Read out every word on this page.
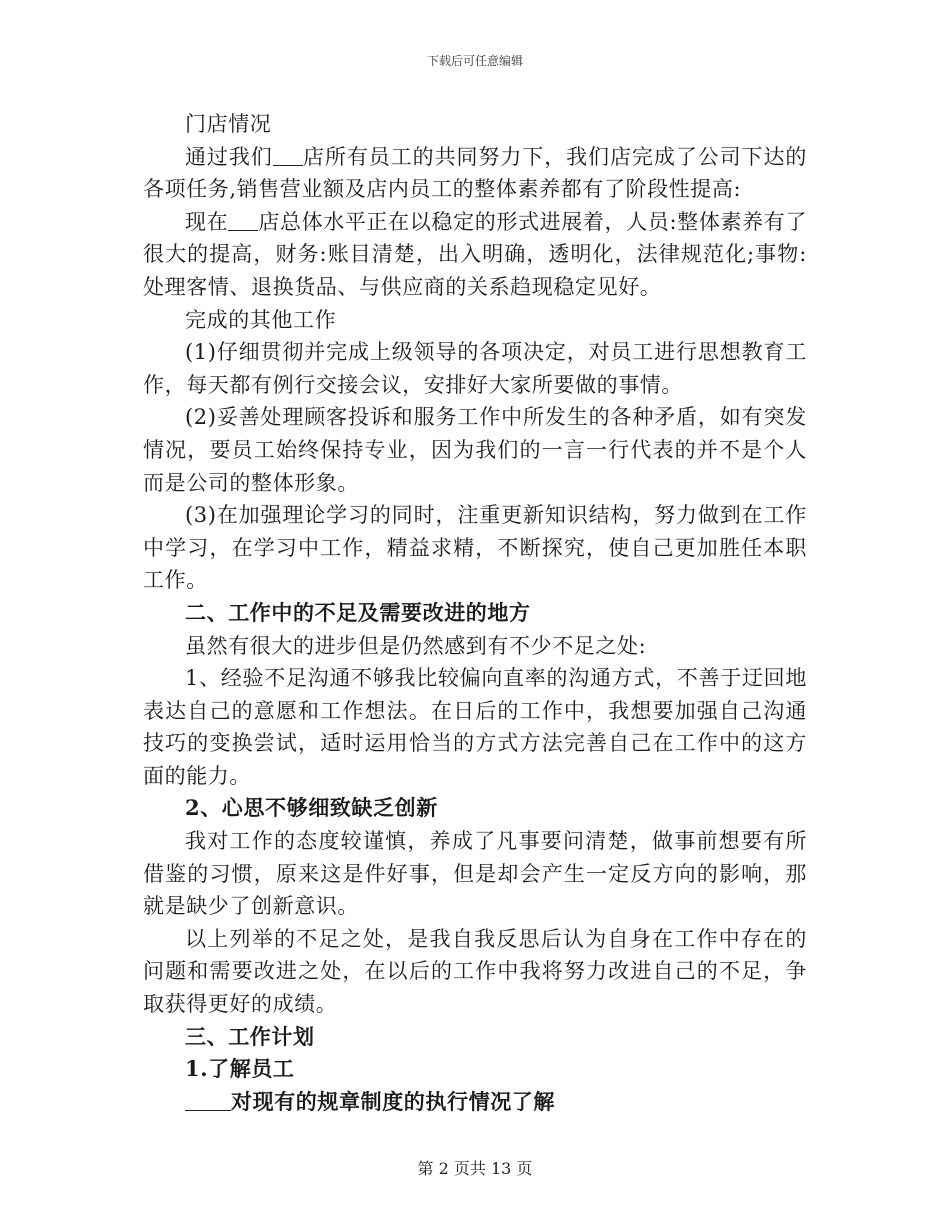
下载后可任意编辑

门店情况

通过我们 店所有员工的共同努力下，我们店完成了公司下达的各项任务,销售营业额及店内员工的整体素养都有了阶段性提高:

现在 店总体水平正在以稳定的形式进展着，人员:整体素养有了很大的提高，财务:账目清楚，出入明确，透明化，法律规范化;事物:处理客情、退换货品、与供应商的关系趋现稳定见好。

完成的其他工作

(1)仔细贯彻并完成上级领导的各项决定，对员工进行思想教育工作，每天都有例行交接会议，安排好大家所要做的事情。

(2)妥善处理顾客投诉和服务工作中所发生的各种矛盾，如有突发情况，要员工始终保持专业，因为我们的一言一行代表的并不是个人而是公司的整体形象。

(3)在加强理论学习的同时，注重更新知识结构，努力做到在工作中学习，在学习中工作，精益求精，不断探究，使自己更加胜任本职工作。

二、工作中的不足及需要改进的地方

虽然有很大的进步但是仍然感到有不少不足之处:

1、经验不足沟通不够我比较偏向直率的沟通方式，不善于迂回地表达自己的意愿和工作想法。在日后的工作中，我想要加强自己沟通技巧的变换尝试，适时运用恰当的方式方法完善自己在工作中的这方面的能力。

2、心思不够细致缺乏创新

我对工作的态度较谨慎，养成了凡事要问清楚，做事前想要有所借鉴的习惯，原来这是件好事，但是却会产生一定反方向的影响，那就是缺少了创新意识。

以上列举的不足之处，是我自我反思后认为自身在工作中存在的问题和需要改进之处，在以后的工作中我将努力改进自己的不足，争取获得更好的成绩。

三、工作计划

1.了解员工

对现有的规章制度的执行情况了解

第 2 页共 13 页
